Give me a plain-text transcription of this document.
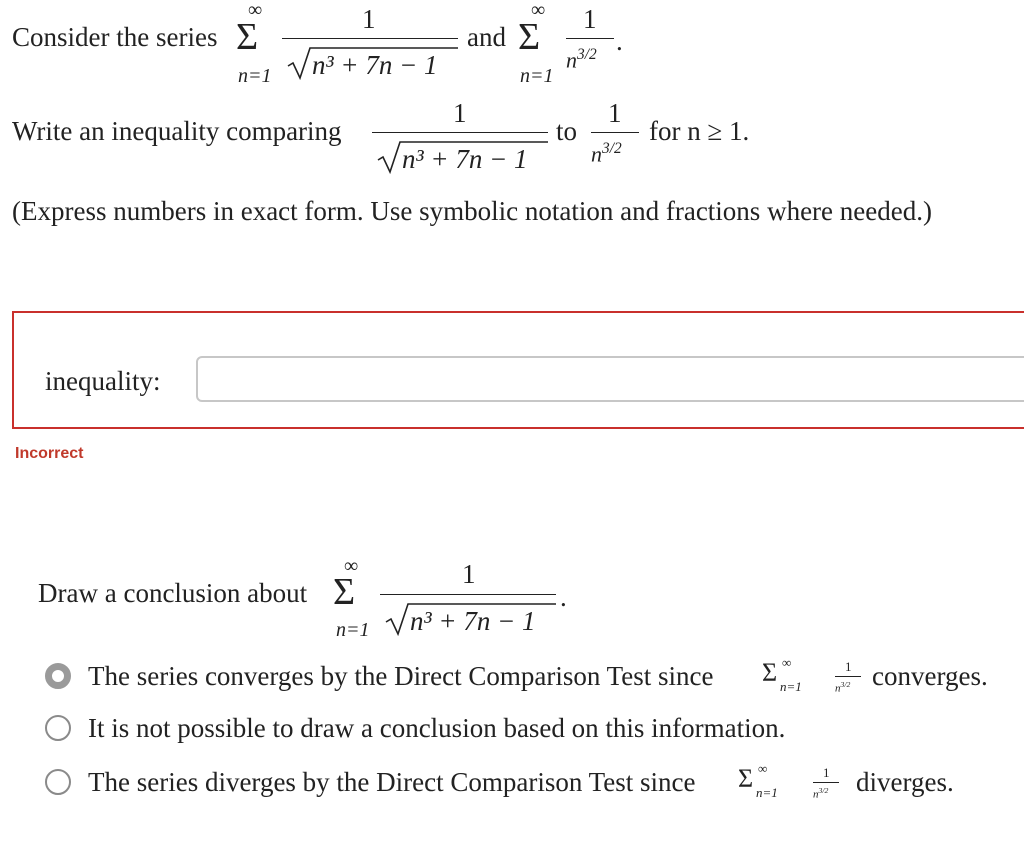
Consider the series
∞
Σ
n=1
1
n³ + 7n − 1
and
∞
Σ
n=1
1
$n^{3/2}$ .
Write an inequality comparing
1
n³ + 7n − 1
to
1
$n^{3/2}$
for n ≥ 1.
(Express numbers in exact form. Use symbolic notation and fractions where needed.)
inequality:
Incorrect
Draw a conclusion about
∞
Σ
n=1
1
n³ + 7n − 1
.
The series converges by the Direct Comparison Test since Σ ∞
n=1
1
$n^{3/2}$ converges.
It is not possible to draw a conclusion based on this information.
The series diverges by the Direct Comparison Test since Σ ∞
n=1
1
$n^{3/2}$ diverges.
